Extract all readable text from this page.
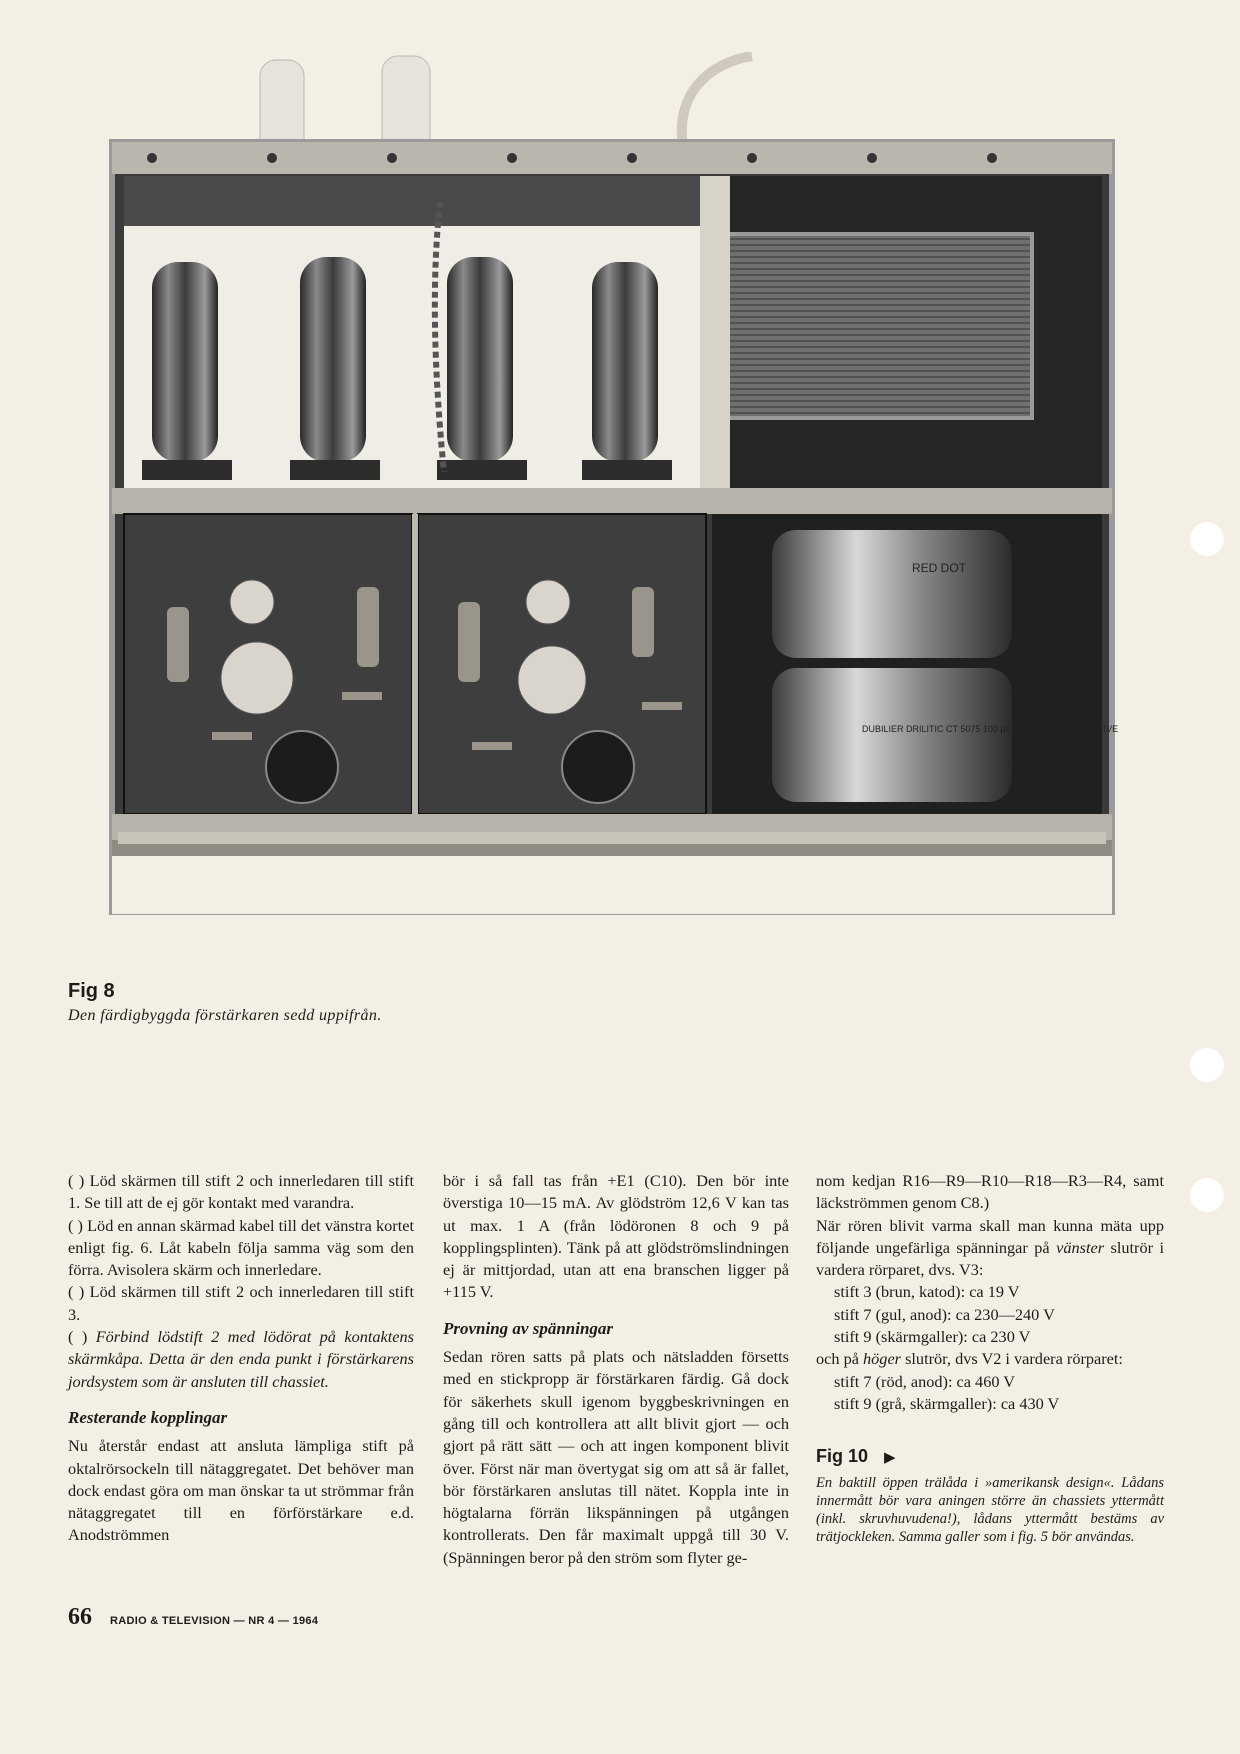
RED DOT
DUBILIER DRILITIC CT 5075 100 μF 500 V DC RED POSITIVE

Fig 8

Den färdigbyggda förstärkaren sedd uppifrån.

( ) Löd skärmen till stift 2 och innerledaren till stift 1. Se till att de ej gör kontakt med varandra.

( ) Löd en annan skärmad kabel till det vänstra kortet enligt fig. 6. Låt kabeln följa samma väg som den förra. Avisolera skärm och innerledare.

( ) Löd skärmen till stift 2 och innerledaren till stift 3.

( ) Förbind lödstift 2 med lödörat på kontaktens skärmkåpa. Detta är den enda punkt i förstärkarens jordsystem som är ansluten till chassiet.

Resterande kopplingar

Nu återstår endast att ansluta lämpliga stift på oktalrörsockeln till nätaggregatet. Det behöver man dock endast göra om man önskar ta ut strömmar från nätaggregatet till en förförstärkare e.d. Anodströmmen

bör i så fall tas från +E1 (C10). Den bör inte överstiga 10—15 mA. Av glödström 12,6 V kan tas ut max. 1 A (från lödöronen 8 och 9 på kopplingsplinten). Tänk på att glödströmslindningen ej är mittjordad, utan att ena branschen ligger på +115 V.

Provning av spänningar

Sedan rören satts på plats och nätsladden försetts med en stickpropp är förstärkaren färdig. Gå dock för säkerhets skull igenom byggbeskrivningen en gång till och kontrollera att allt blivit gjort — och gjort på rätt sätt — och att ingen komponent blivit över. Först när man övertygat sig om att så är fallet, bör förstärkaren anslutas till nätet. Koppla inte in högtalarna förrän likspänningen på utgången kontrollerats. Den får maximalt uppgå till 30 V. (Spänningen beror på den ström som flyter ge-

nom kedjan R16—R9—R10—R18—R3—R4, samt läckströmmen genom C8.)

När rören blivit varma skall man kunna mäta upp följande ungefärliga spänningar på vänster slutrör i vardera rörparet, dvs. V3:

stift 3 (brun, katod): ca 19 V

stift 7 (gul, anod): ca 230—240 V

stift 9 (skärmgaller): ca 230 V

och på höger slutrör, dvs V2 i vardera rörparet:

stift 7 (röd, anod): ca 460 V

stift 9 (grå, skärmgaller): ca 430 V

Fig 10 ▶

En baktill öppen trälåda i »amerikansk design«. Lådans innermått bör vara aningen större än chassiets yttermått (inkl. skruvhuvudena!), lådans yttermått bestäms av trätjockleken. Samma galler som i fig. 5 bör användas.

66 RADIO & TELEVISION — NR 4 — 1964
